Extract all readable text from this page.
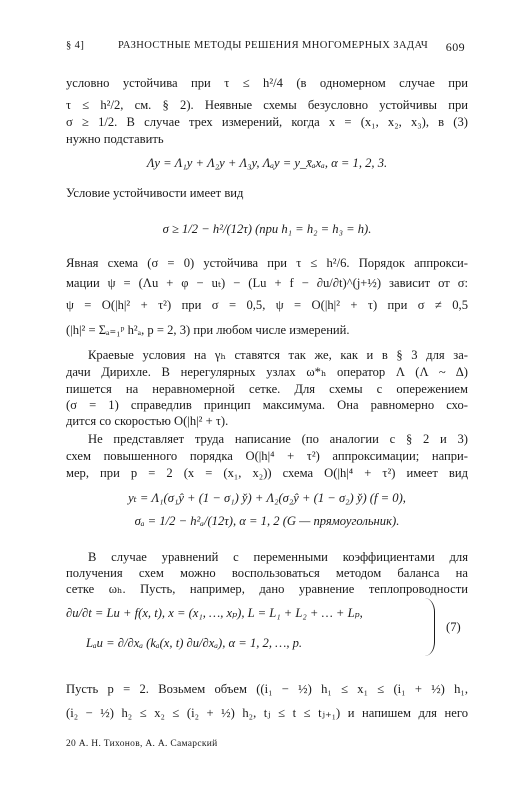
§ 4]	РАЗНОСТНЫЕ МЕТОДЫ РЕШЕНИЯ МНОГОМЕРНЫХ ЗАДАЧ 609
условно устойчива при τ ≤ h²/4 (в одномерном случае при
τ ≤ h²/2, см. § 2). Неявные схемы безусловно устойчивы при
σ ≥ 1/2. В случае трех измерений, когда x = (x₁, x₂, x₃), в (3)
нужно подставить
Λy = Λ₁y + Λ₂y + Λ₃y, Λₐy = y_x̄ₐxₐ, α = 1, 2, 3.
Условие устойчивости имеет вид
σ ≥ 1/2 − h²/(12τ) (при h₁ = h₂ = h₃ = h).
Явная схема (σ = 0) устойчива при τ ≤ h²/6. Порядок аппрокси-
мации ψ = (Λu + φ − uₜ) − (Lu + f − ∂u/∂t)^(j+½) зависит от σ:
ψ = O(|h|² + τ²) при σ = 0,5, ψ = O(|h|² + τ) при σ ≠ 0,5
(|h|² = Σₐ₌₁ᵖ h²ₐ, p = 2, 3) при любом числе измерений.
Краевые условия на γₕ ставятся так же, как и в § 3 для за-
дачи Дирихле. В нерегулярных узлах ω*ₕ оператор Λ (Λ ~ Δ)
пишется на неравномерной сетке. Для схемы с опережением
(σ = 1) справедлив принцип максимума. Она равномерно схо-
дится со скоростью O(|h|² + τ).
Не представляет труда написание (по аналогии с § 2 и 3)
схем повышенного порядка O(|h|⁴ + τ²) аппроксимации; напри-
мер, при p = 2 (x = (x₁, x₂)) схема O(|h|⁴ + τ²) имеет вид
yₜ = Λ₁(σ₁ŷ + (1 − σ₁) y̌) + Λ₂(σ₂ŷ + (1 − σ₂) y̌) (f = 0),
σₐ = 1/2 − h²ₐ/(12τ), α = 1, 2 (G — прямоугольник).
В случае уравнений с переменными коэффициентами для
получения схем можно воспользоваться методом баланса на
сетке ωₕ. Пусть, например, дано уравнение теплопроводности
∂u/∂t = Lu + f(x, t), x = (x₁, …, xₚ), L = L₁ + L₂ + … + Lₚ,
Lₐu = ∂/∂xₐ (kₐ(x, t) ∂u/∂xₐ), α = 1, 2, …, p.
(7)
Пусть p = 2. Возьмем объем ((i₁ − ½) h₁ ≤ x₁ ≤ (i₁ + ½) h₁,
(i₂ − ½) h₂ ≤ x₂ ≤ (i₂ + ½) h₂, tⱼ ≤ t ≤ tⱼ₊₁) и напишем для него
20 А. Н. Тихонов, А. А. Самарский
